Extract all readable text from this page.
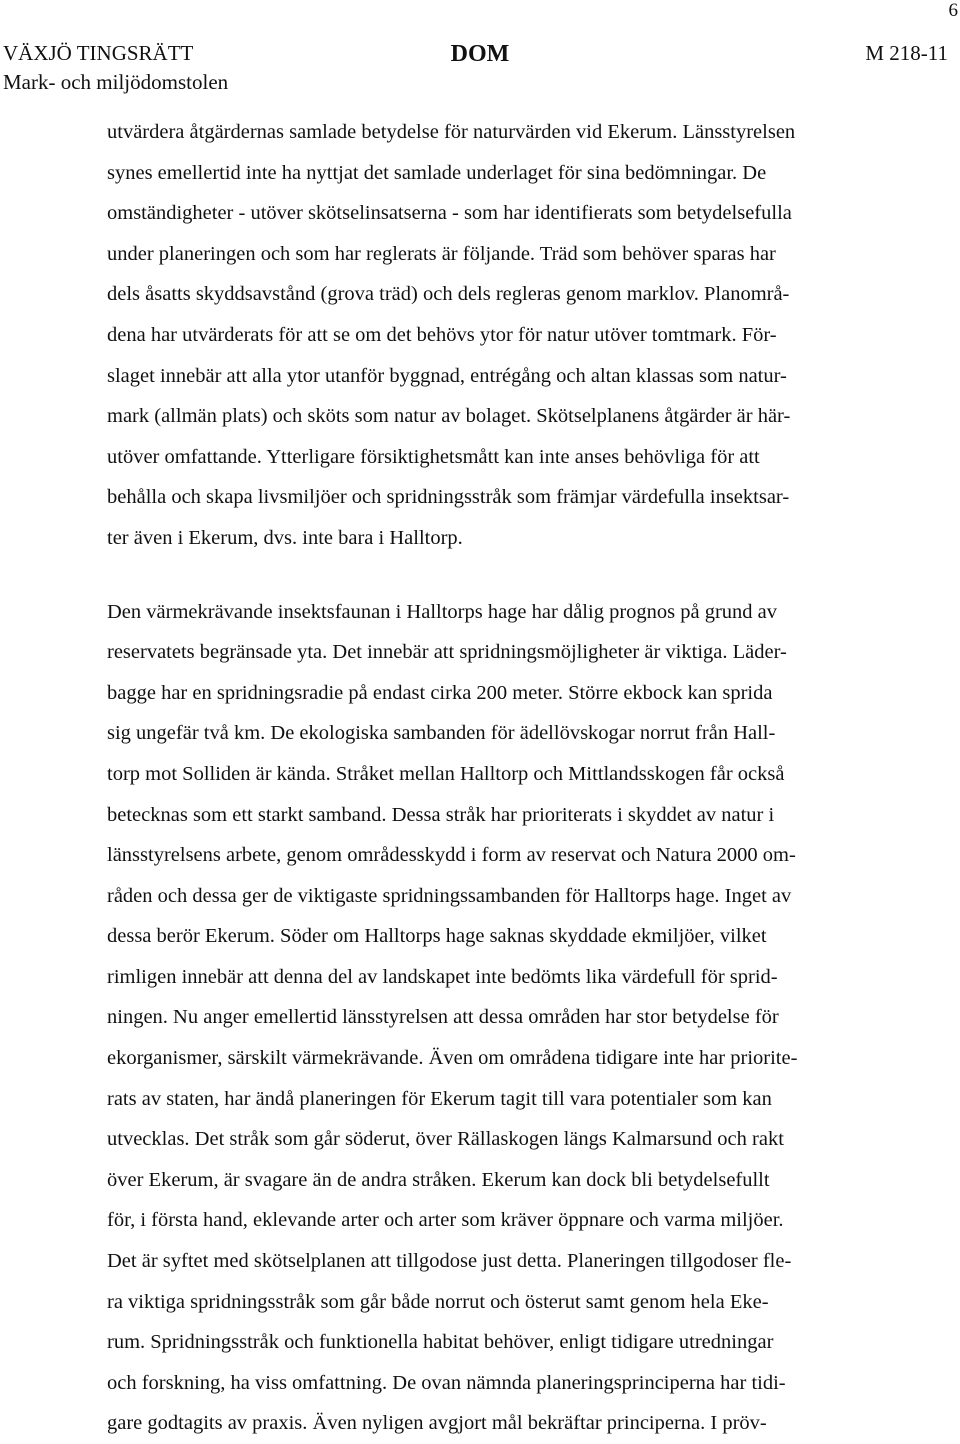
6
VÄXJÖ TINGSRÄTT	DOM	M 218-11
Mark- och miljödomstolen
utvärdera åtgärdernas samlade betydelse för naturvärden vid Ekerum. Länsstyrelsen
synes emellertid inte ha nyttjat det samlade underlaget för sina bedömningar. De
omständigheter - utöver skötselinsatserna - som har identifierats som betydelsefulla
under planeringen och som har reglerats är följande. Träd som behöver sparas har
dels åsatts skyddsavstånd (grova träd) och dels regleras genom marklov. Planområ-
dena har utvärderats för att se om det behövs ytor för natur utöver tomtmark. För-
slaget innebär att alla ytor utanför byggnad, entrégång och altan klassas som natur-
mark (allmän plats) och sköts som natur av bolaget. Skötselplanens åtgärder är här-
utöver omfattande. Ytterligare försiktighetsmått kan inte anses behövliga för att
behålla och skapa livsmiljöer och spridningsstråk som främjar värdefulla insektsar-
ter även i Ekerum, dvs. inte bara i Halltorp.
Den värmekrävande insektsfaunan i Halltorps hage har dålig prognos på grund av
reservatets begränsade yta. Det innebär att spridningsmöjligheter är viktiga. Läder-
bagge har en spridningsradie på endast cirka 200 meter. Större ekbock kan sprida
sig ungefär två km. De ekologiska sambanden för ädellövskogar norrut från Hall-
torp mot Solliden är kända. Stråket mellan Halltorp och Mittlandsskogen får också
betecknas som ett starkt samband. Dessa stråk har prioriterats i skyddet av natur i
länsstyrelsens arbete, genom områdesskydd i form av reservat och Natura 2000 om-
råden och dessa ger de viktigaste spridningssambanden för Halltorps hage. Inget av
dessa berör Ekerum. Söder om Halltorps hage saknas skyddade ekmiljöer, vilket
rimligen innebär att denna del av landskapet inte bedömts lika värdefull för sprid-
ningen. Nu anger emellertid länsstyrelsen att dessa områden har stor betydelse för
ekorganismer, särskilt värmekrävande. Även om områdena tidigare inte har priorite-
rats av staten, har ändå planeringen för Ekerum tagit till vara potentialer som kan
utvecklas. Det stråk som går söderut, över Rällaskogen längs Kalmarsund och rakt
över Ekerum, är svagare än de andra stråken. Ekerum kan dock bli betydelsefullt
för, i första hand, eklevande arter och arter som kräver öppnare och varma miljöer.
Det är syftet med skötselplanen att tillgodose just detta. Planeringen tillgodoser fle-
ra viktiga spridningsstråk som går både norrut och österut samt genom hela Eke-
rum. Spridningsstråk och funktionella habitat behöver, enligt tidigare utredningar
och forskning, ha viss omfattning. De ovan nämnda planeringsprinciperna har tidi-
gare godtagits av praxis. Även nyligen avgjort mål bekräftar principerna. I pröv-
